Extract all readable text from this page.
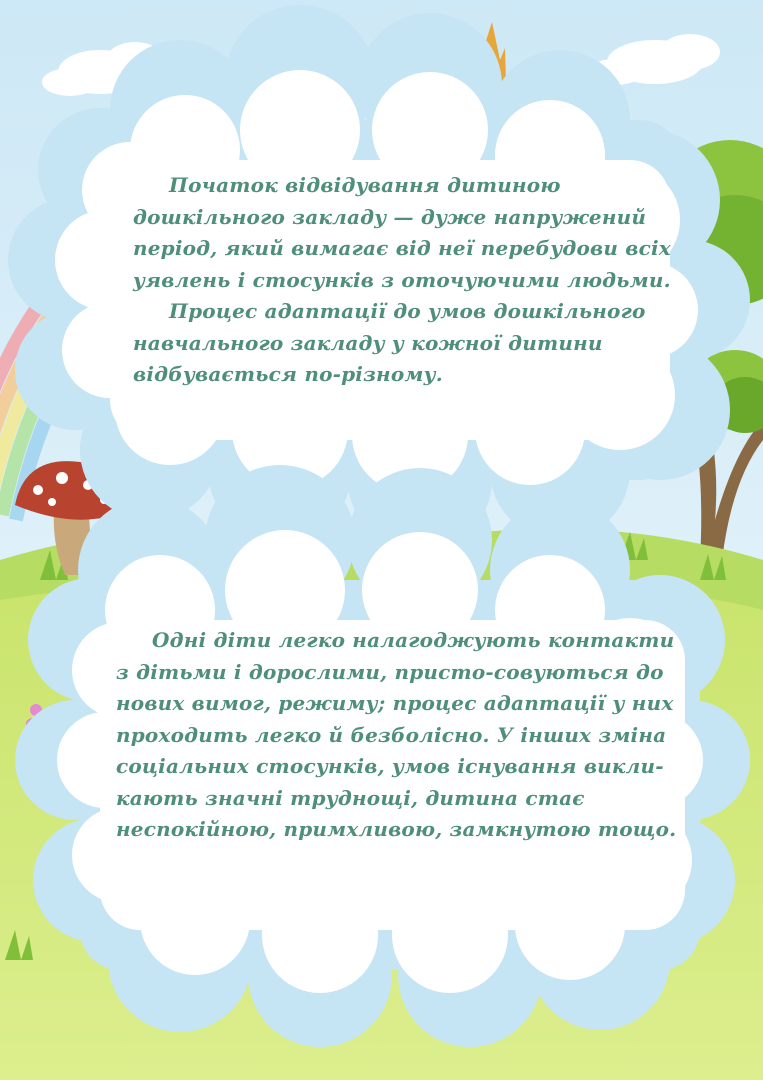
Початок відвідування дитиною дошкільного закладу — дуже напружений період, який вимагає від неї перебудови всіх уявлень і стосунків з оточуючими людьми.

Процес адаптації до умов дошкільного навчального закладу у кожної дитини відбувається по-різному.

Одні діти легко налагоджують контакти з дітьми і дорослими, присто-совуються до нових вимог, режиму; процес адаптації у них проходить легко й безболісно. У інших зміна соціальних стосунків, умов існування викли-кають значні труднощі, дитина стає неспокійною, примхливою, замкнутою тощо.
